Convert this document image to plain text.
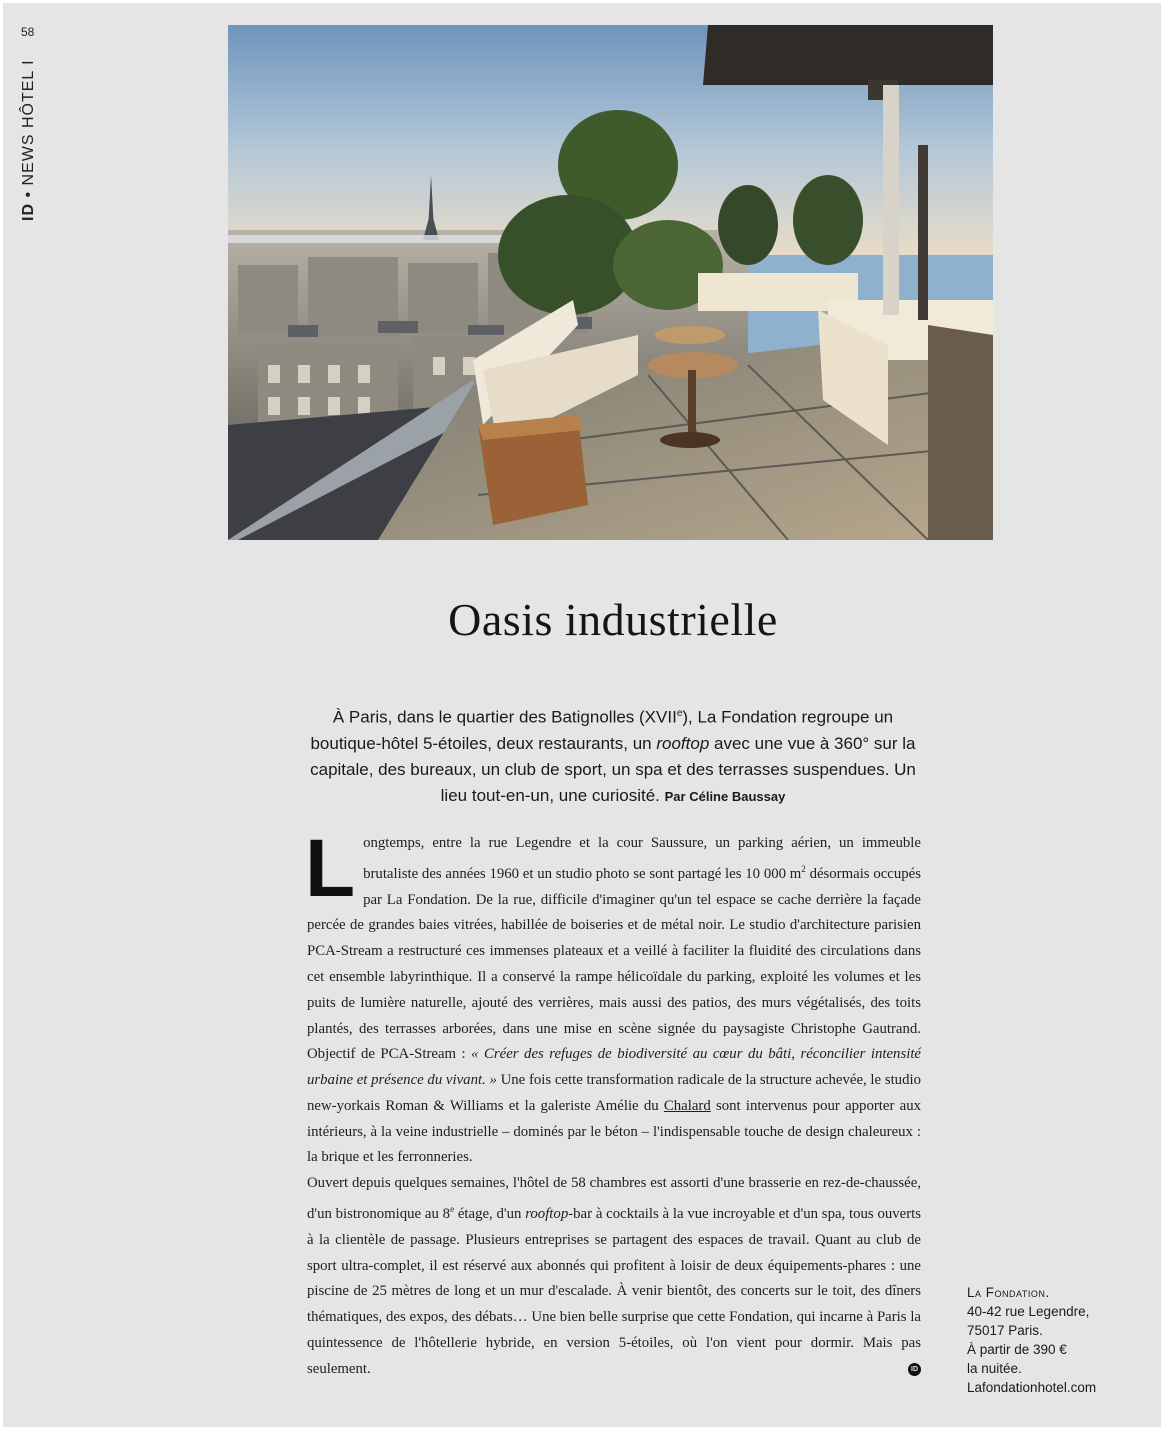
58
ID • NEWS HÔTEL I
Oasis industrielle

À Paris, dans le quartier des Batignolles (XVIIe), La Fondation regroupe un boutique-hôtel 5-étoiles, deux restaurants, un rooftop avec une vue à 360° sur la capitale, des bureaux, un club de sport, un spa et des terrasses suspendues. Un lieu tout-en-un, une curiosité. Par Céline Baussay

Longtemps, entre la rue Legendre et la cour Saussure, un parking aérien, un immeuble brutaliste des années 1960 et un studio photo se sont partagé les 10 000 $m^2$ désormais occupés par La Fondation. De la rue, difficile d'imaginer qu'un tel espace se cache derrière la façade percée de grandes baies vitrées, habillée de boiseries et de métal noir. Le studio d'architecture parisien PCA-Stream a restructuré ces immenses plateaux et a veillé à faciliter la fluidité des circulations dans cet ensemble labyrinthique. Il a conservé la rampe hélicoïdale du parking, exploité les volumes et les puits de lumière naturelle, ajouté des verrières, mais aussi des patios, des murs végétalisés, des toits plantés, des terrasses arborées, dans une mise en scène signée du paysagiste Christophe Gautrand. Objectif de PCA-Stream : « Créer des refuges de biodiversité au cœur du bâti, réconcilier intensité urbaine et présence du vivant. » Une fois cette transformation radicale de la structure achevée, le studio new-yorkais Roman & Williams et la galeriste Amélie du Chalard sont intervenus pour apporter aux intérieurs, à la veine industrielle – dominés par le béton – l'indispensable touche de design chaleureux : la brique et les ferronneries.

Ouvert depuis quelques semaines, l'hôtel de 58 chambres est assorti d'une brasserie en rez-de-chaussée, d'un bistronomique au 8e étage, d'un rooftop-bar à cocktails à la vue incroyable et d'un spa, tous ouverts à la clientèle de passage. Plusieurs entreprises se partagent des espaces de travail. Quant au club de sport ultra-complet, il est réservé aux abonnés qui profitent à loisir de deux équipements-phares : une piscine de 25 mètres de long et un mur d'escalade. À venir bientôt, des concerts sur le toit, des dîners thématiques, des expos, des débats… Une bien belle surprise que cette Fondation, qui incarne à Paris la quintessence de l'hôtellerie hybride, en version 5-étoiles, où l'on vient pour dormir. Mais pas seulement.	ID

La Fondation.
40-42 rue Legendre,
75017 Paris.
À partir de 390 €
la nuitée.
Lafondationhotel.com
